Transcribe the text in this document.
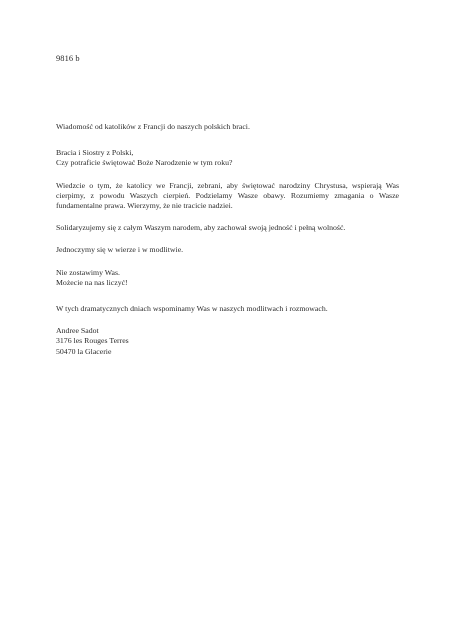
9816 b

Wiadomość od katolików z Francji do naszych polskich braci.

Bracia i Siostry z Polski,
Czy potraficie świętować Boże Narodzenie w tym roku?

Wiedzcie o tym, że katolicy we Francji, zebrani, aby świętować narodziny Chrystusa, wspierają Was
cierpimy, z powodu Waszych cierpień. Podzielamy Wasze obawy. Rozumiemy zmagania o Wasze
fundamentalne prawa. Wierzymy, że nie tracicie nadziei.

Solidaryzujemy się z całym Waszym narodem, aby zachował swoją jedność i pełną wolność.

Jednoczymy się w wierze i w modlitwie.

Nie zostawimy Was.
Możecie na nas liczyć!

W tych dramatycznych dniach wspominamy Was w naszych modlitwach i rozmowach.

Andree Sadot
3176 les Rouges Terres
50470 la Glacerie
